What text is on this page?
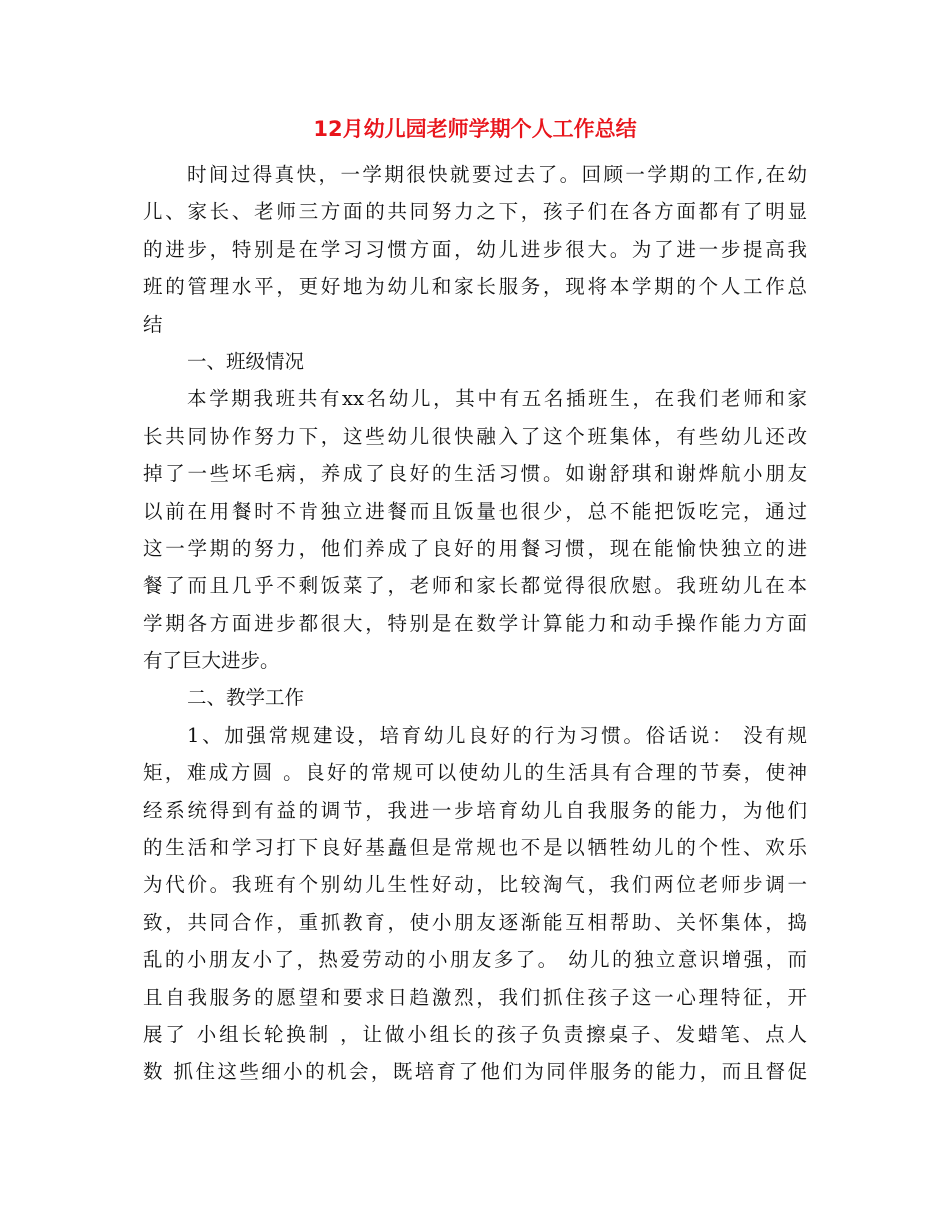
12月幼儿园老师学期个人工作总结
时间过得真快，一学期很快就要过去了。回顾一学期的工作,在幼
儿、家长、老师三方面的共同努力之下，孩子们在各方面都有了明显
的进步，特别是在学习习惯方面，幼儿进步很大。为了进一步提高我
班的管理水平，更好地为幼儿和家长服务，现将本学期的个人工作总
结
一、班级情况
本学期我班共有xx名幼儿，其中有五名插班生，在我们老师和家
长共同协作努力下，这些幼儿很快融入了这个班集体，有些幼儿还改
掉了一些坏毛病，养成了良好的生活习惯。如谢舒琪和谢烨航小朋友
以前在用餐时不肯独立进餐而且饭量也很少，总不能把饭吃完，通过
这一学期的努力，他们养成了良好的用餐习惯，现在能愉快独立的进
餐了而且几乎不剩饭菜了，老师和家长都觉得很欣慰。我班幼儿在本
学期各方面进步都很大，特别是在数学计算能力和动手操作能力方面
有了巨大进步。
二、教学工作
1、加强常规建设，培育幼儿良好的行为习惯。俗话说： 没有规
矩，难成方圆 。良好的常规可以使幼儿的生活具有合理的节奏，使神
经系统得到有益的调节，我进一步培育幼儿自我服务的能力，为他们
的生活和学习打下良好基矗但是常规也不是以牺牲幼儿的个性、欢乐
为代价。我班有个别幼儿生性好动，比较淘气，我们两位老师步调一
致，共同合作，重抓教育，使小朋友逐渐能互相帮助、关怀集体，捣
乱的小朋友小了，热爱劳动的小朋友多了。 幼儿的独立意识增强，而
且自我服务的愿望和要求日趋激烈，我们抓住孩子这一心理特征，开
展了 小组长轮换制 ，让做小组长的孩子负责擦桌子、发蜡笔、点人
数 抓住这些细小的机会，既培育了他们为同伴服务的能力，而且督促
